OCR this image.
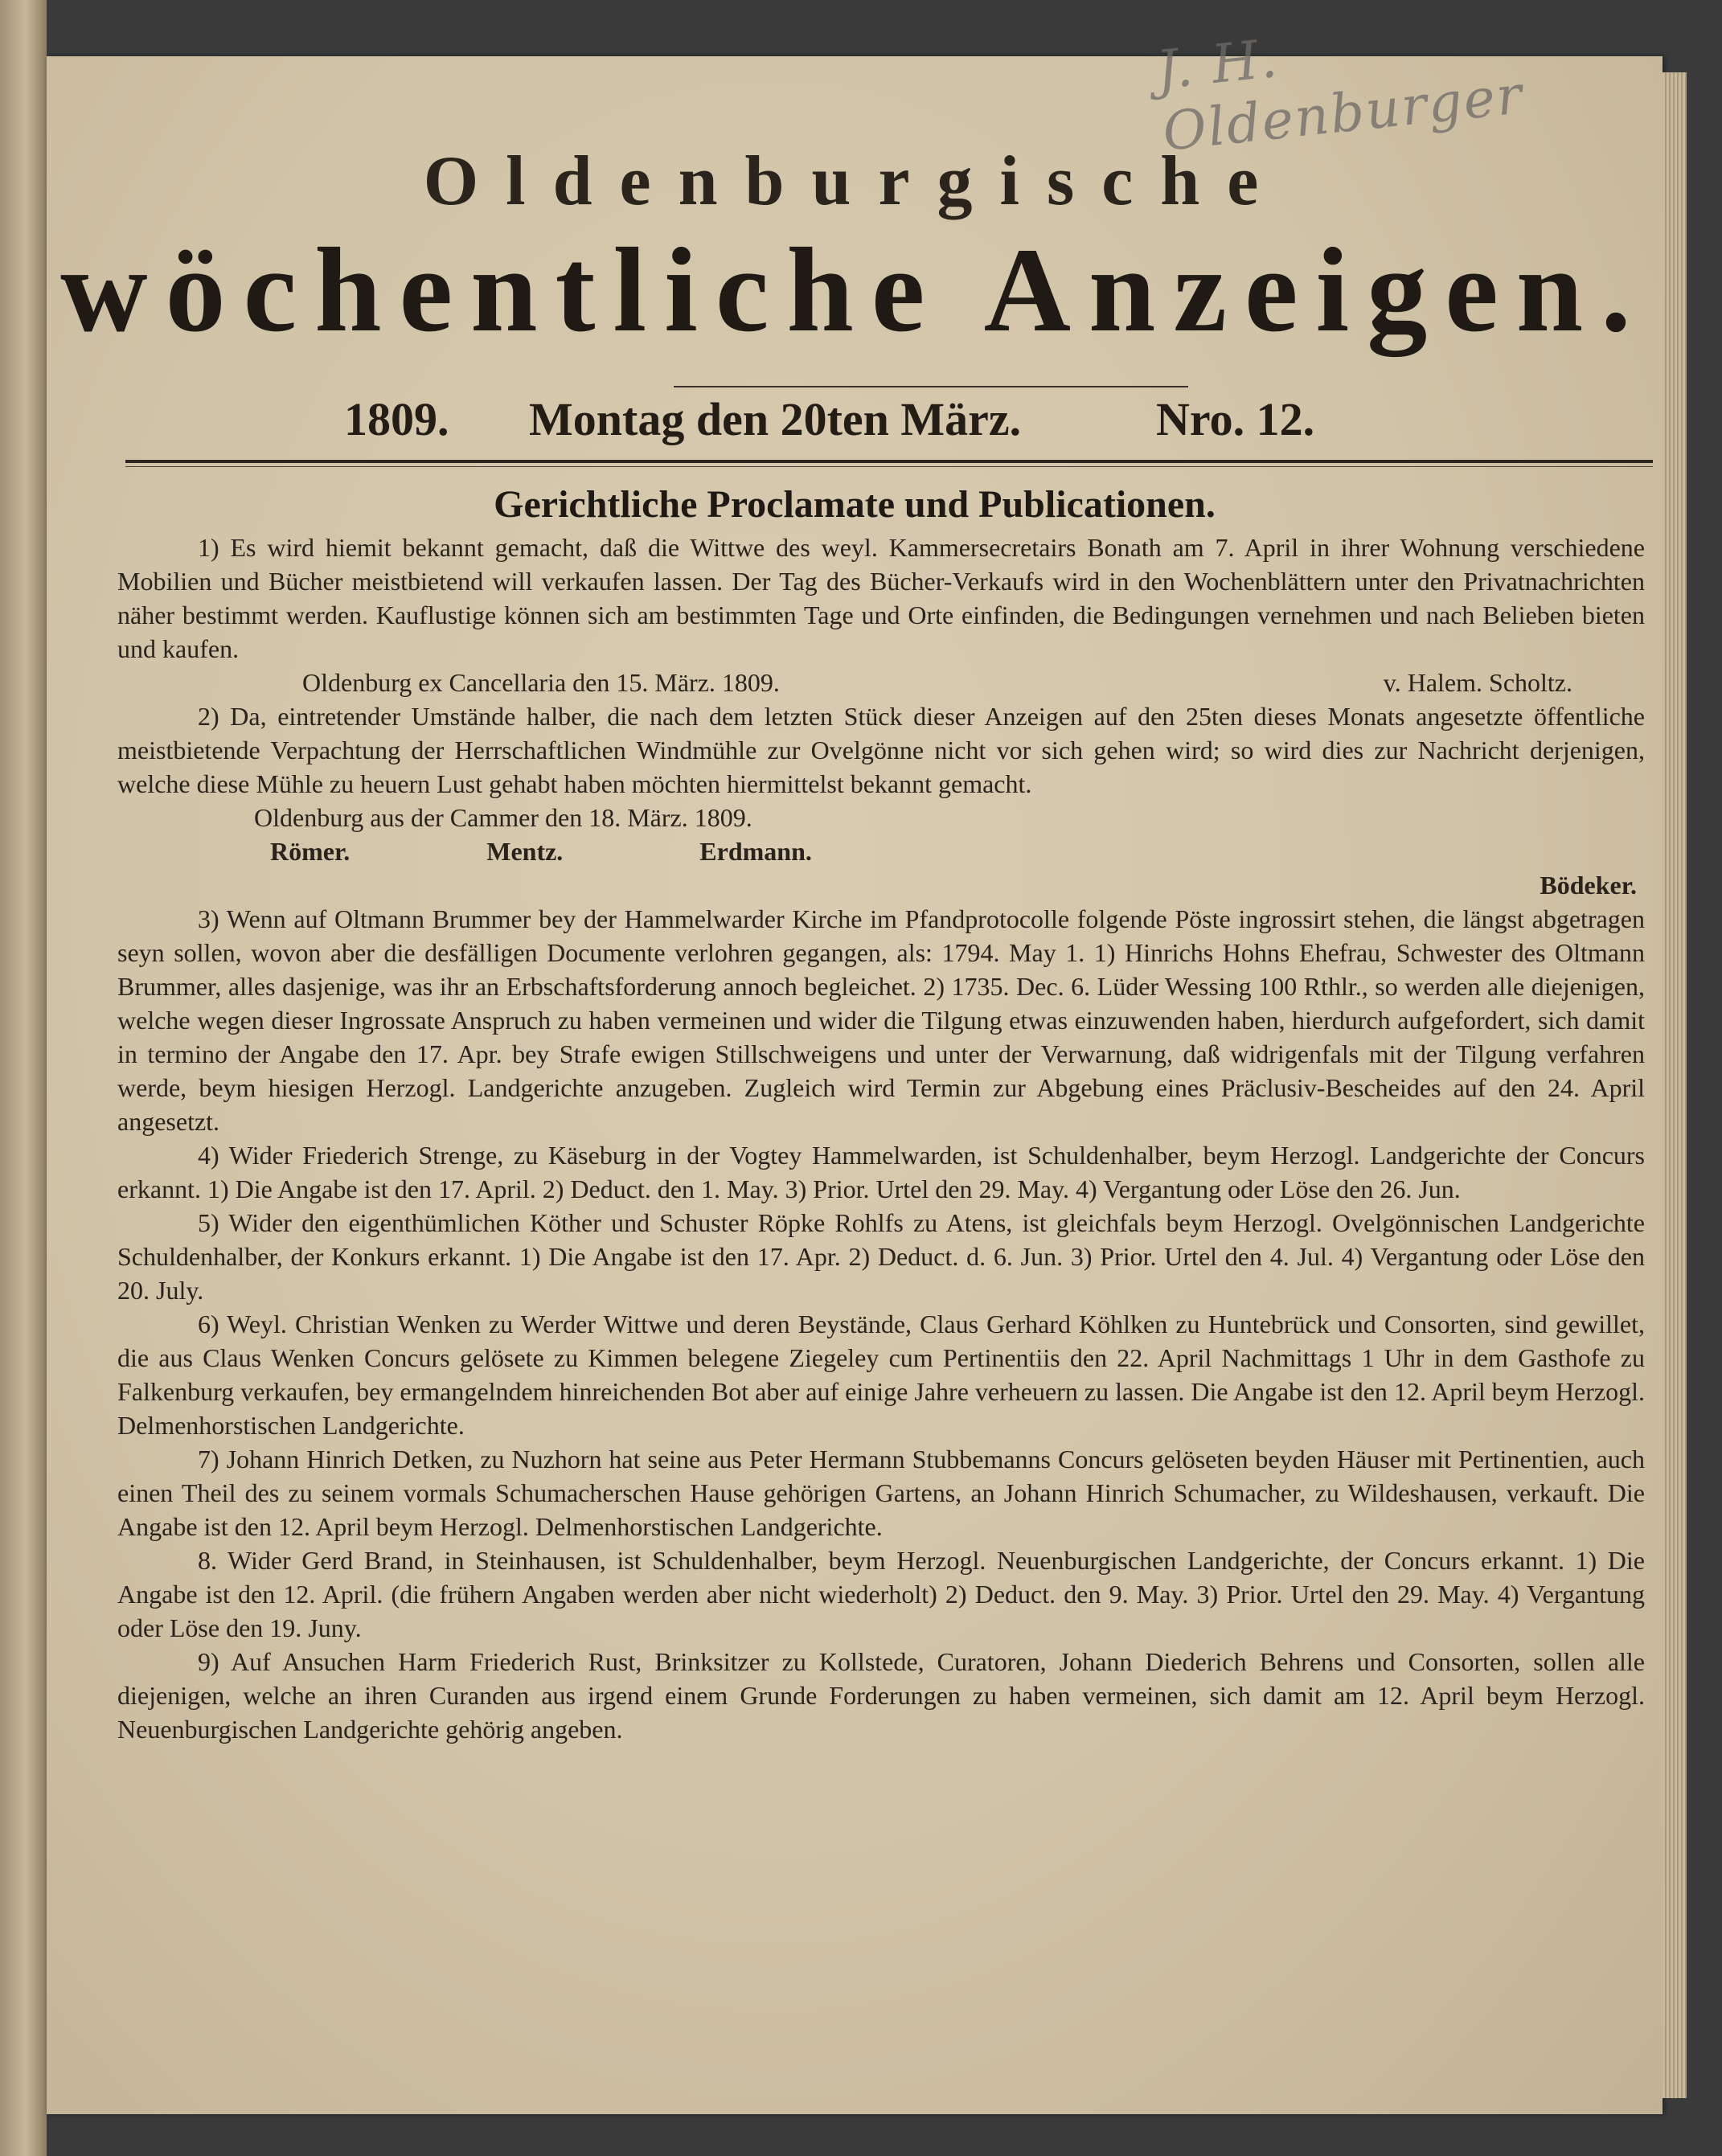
Oldenburgische
wöchentliche Anzeigen.
1809. Montag den 20ten März.	Nro. 12.
Gerichtliche Proclamate und Publicationen.

1) Es wird hiemit bekannt gemacht, daß die Wittwe des weyl. Kammersecretairs Bonath am 7. April in ihrer Wohnung verschiedene Mobilien und Bücher meistbietend will verkaufen lassen. Der Tag des Bücher-Verkaufs wird in den Wochenblättern unter den Privatnachrichten näher bestimmt werden. Kauflustige können sich am bestimmten Tage und Orte einfinden, die Bedingungen vernehmen und nach Belieben bieten und kaufen.

Oldenburg ex Cancellaria den 15. März. 1809.	v. Halem. Scholtz.

2) Da, eintretender Umstände halber, die nach dem letzten Stück dieser Anzeigen auf den 25ten dieses Monats angesetzte öffentliche meistbietende Verpachtung der Herrschaftlichen Windmühle zur Ovelgönne nicht vor sich gehen wird; so wird dies zur Nachricht derjenigen, welche diese Mühle zu heuern Lust gehabt haben möchten hiermittelst bekannt gemacht.

Oldenburg aus der Cammer den 18. März. 1809.
Römer.	Mentz.	Erdmann.
Bödeker.

3) Wenn auf Oltmann Brummer bey der Hammelwarder Kirche im Pfandprotocolle folgende Pöste ingrossirt stehen, die längst abgetragen seyn sollen, wovon aber die desfälligen Documente verlohren gegangen, als: 1794. May 1. 1) Hinrichs Hohns Ehefrau, Schwester des Oltmann Brummer, alles dasjenige, was ihr an Erbschaftsforderung annoch begleichet. 2) 1735. Dec. 6. Lüder Wessing 100 Rthlr., so werden alle diejenigen, welche wegen dieser Ingrossate Anspruch zu haben vermeinen und wider die Tilgung etwas einzuwenden haben, hierdurch aufgefordert, sich damit in termino der Angabe den 17. Apr. bey Strafe ewigen Stillschweigens und unter der Verwarnung, daß widrigenfals mit der Tilgung verfahren werde, beym hiesigen Herzogl. Landgerichte anzugeben. Zugleich wird Termin zur Abgebung eines Präclusiv-Bescheides auf den 24. April angesetzt.

4) Wider Friederich Strenge, zu Käseburg in der Vogtey Hammelwarden, ist Schuldenhalber, beym Herzogl. Landgerichte der Concurs erkannt. 1) Die Angabe ist den 17. April. 2) Deduct. den 1. May. 3) Prior. Urtel den 29. May. 4) Vergantung oder Löse den 26. Jun.

5) Wider den eigenthümlichen Köther und Schuster Röpke Rohlfs zu Atens, ist gleichfals beym Herzogl. Ovelgönnischen Landgerichte Schuldenhalber, der Konkurs erkannt. 1) Die Angabe ist den 17. Apr. 2) Deduct. d. 6. Jun. 3) Prior. Urtel den 4. Jul. 4) Vergantung oder Löse den 20. July.

6) Weyl. Christian Wenken zu Werder Wittwe und deren Beystände, Claus Gerhard Köhlken zu Huntebrück und Consorten, sind gewillet, die aus Claus Wenken Concurs gelösete zu Kimmen belegene Ziegeley cum Pertinentiis den 22. April Nachmittags 1 Uhr in dem Gasthofe zu Falkenburg verkaufen, bey ermangelndem hinreichenden Bot aber auf einige Jahre verheuern zu lassen. Die Angabe ist den 12. April beym Herzogl. Delmenhorstischen Landgerichte.

7) Johann Hinrich Detken, zu Nuzhorn hat seine aus Peter Hermann Stubbemanns Concurs gelöseten beyden Häuser mit Pertinentien, auch einen Theil des zu seinem vormals Schumacherschen Hause gehörigen Gartens, an Johann Hinrich Schumacher, zu Wildeshausen, verkauft. Die Angabe ist den 12. April beym Herzogl. Delmenhorstischen Landgerichte.

8. Wider Gerd Brand, in Steinhausen, ist Schuldenhalber, beym Herzogl. Neuenburgischen Landgerichte, der Concurs erkannt. 1) Die Angabe ist den 12. April. (die frühern Angaben werden aber nicht wiederholt) 2) Deduct. den 9. May. 3) Prior. Urtel den 29. May. 4) Vergantung oder Löse den 19. Juny.

9) Auf Ansuchen Harm Friederich Rust, Brinksitzer zu Kollstede, Curatoren, Johann Diederich Behrens und Consorten, sollen alle diejenigen, welche an ihren Curanden aus irgend einem Grunde Forderungen zu haben vermeinen, sich damit am 12. April beym Herzogl. Neuenburgischen Landgerichte gehörig angeben.

J. H. Oldenburger
